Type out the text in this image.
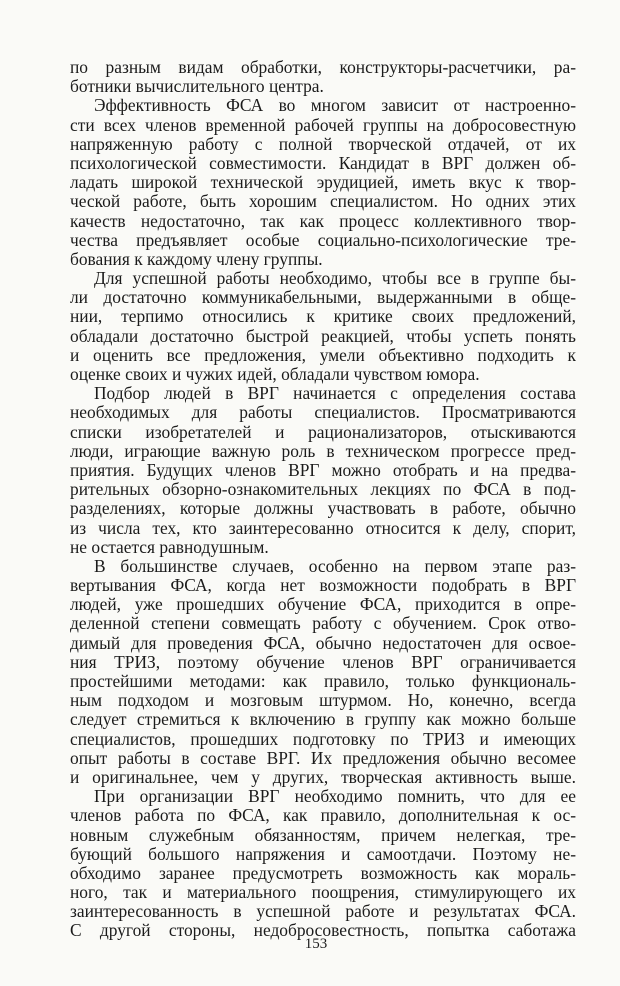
по разным видам обработки, конструкторы-расчетчики, ра-
ботники вычислительного центра.
Эффективность ФСА во многом зависит от настроенно-
сти всех членов временной рабочей группы на добросовестную
напряженную работу с полной творческой отдачей, от их
психологической совместимости. Кандидат в ВРГ должен об-
ладать широкой технической эрудицией, иметь вкус к твор-
ческой работе, быть хорошим специалистом. Но одних этих
качеств недостаточно, так как процесс коллективного твор-
чества предъявляет особые социально-психологические тре-
бования к каждому члену группы.
Для успешной работы необходимо, чтобы все в группе бы-
ли достаточно коммуникабельными, выдержанными в обще-
нии, терпимо относились к критике своих предложений,
обладали достаточно быстрой реакцией, чтобы успеть понять
и оценить все предложения, умели объективно подходить к
оценке своих и чужих идей, обладали чувством юмора.
Подбор людей в ВРГ начинается с определения состава
необходимых для работы специалистов. Просматриваются
списки изобретателей и рационализаторов, отыскиваются
люди, играющие важную роль в техническом прогрессе пред-
приятия. Будущих членов ВРГ можно отобрать и на предва-
рительных обзорно-ознакомительных лекциях по ФСА в под-
разделениях, которые должны участвовать в работе, обычно
из числа тех, кто заинтересованно относится к делу, спорит,
не остается равнодушным.
В большинстве случаев, особенно на первом этапе раз-
вертывания ФСА, когда нет возможности подобрать в ВРГ
людей, уже прошедших обучение ФСА, приходится в опре-
деленной степени совмещать работу с обучением. Срок отво-
димый для проведения ФСА, обычно недостаточен для освое-
ния ТРИЗ, поэтому обучение членов ВРГ ограничивается
простейшими методами: как правило, только функциональ-
ным подходом и мозговым штурмом. Но, конечно, всегда
следует стремиться к включению в группу как можно больше
специалистов, прошедших подготовку по ТРИЗ и имеющих
опыт работы в составе ВРГ. Их предложения обычно весомее
и оригинальнее, чем у других, творческая активность выше.
При организации ВРГ необходимо помнить, что для ее
членов работа по ФСА, как правило, дополнительная к ос-
новным служебным обязанностям, причем нелегкая, тре-
бующий большого напряжения и самоотдачи. Поэтому не-
обходимо заранее предусмотреть возможность как мораль-
ного, так и материального поощрения, стимулирующего их
заинтересованность в успешной работе и результатах ФСА.
С другой стороны, недобросовестность, попытка саботажа
153
